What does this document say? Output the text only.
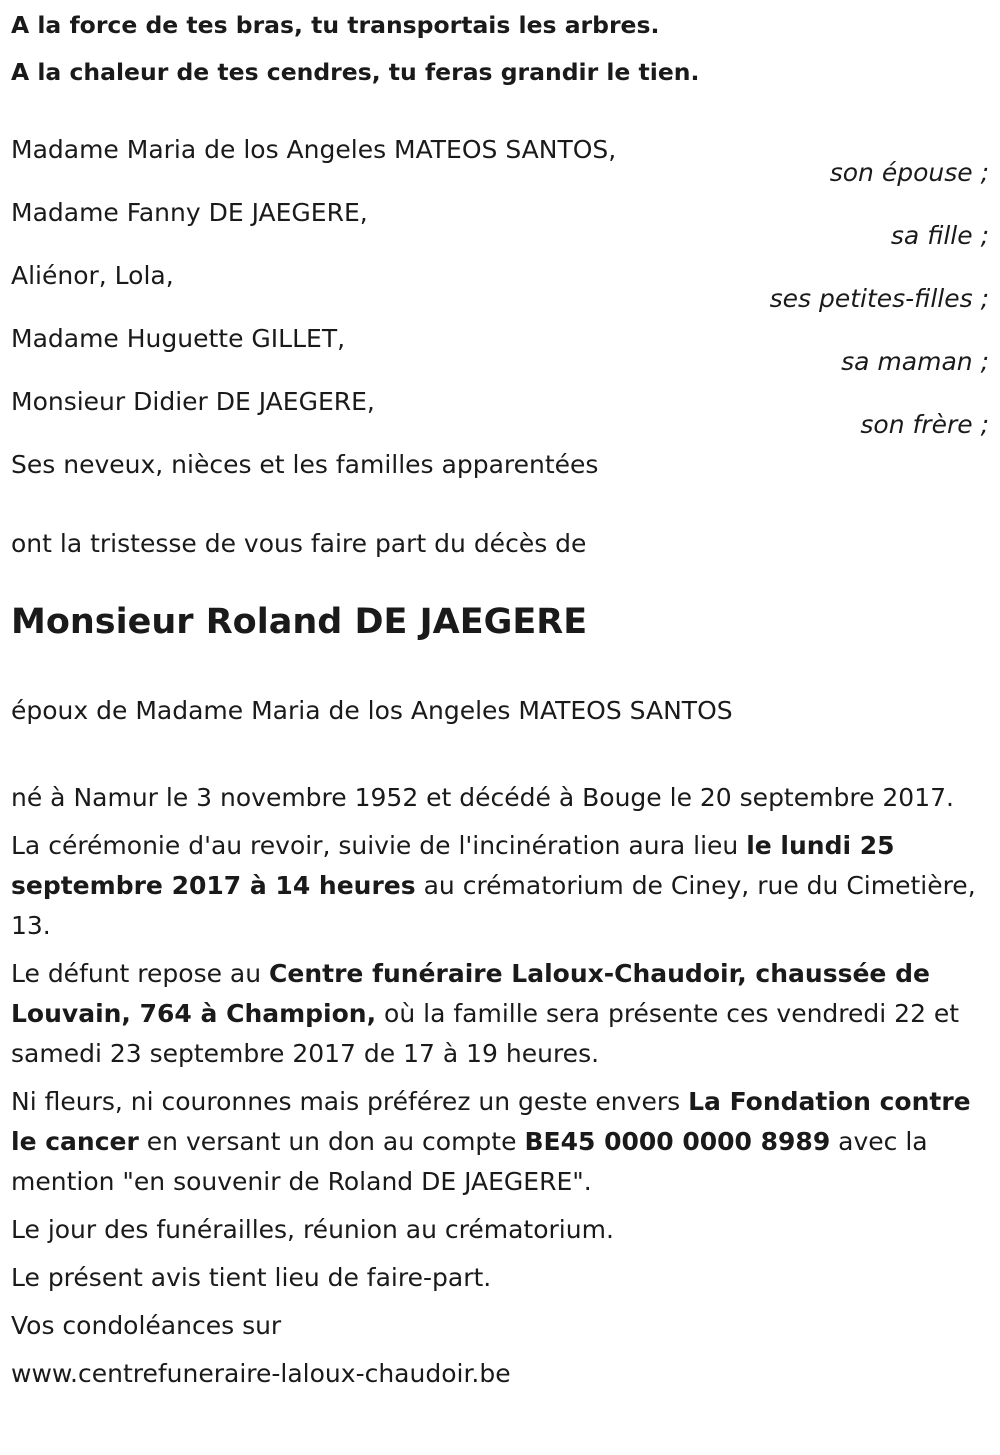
A la force de tes bras, tu transportais les arbres.

A la chaleur de tes cendres, tu feras grandir le tien.

Madame Maria de los Angeles MATEOS SANTOS,
son épouse ;
Madame Fanny DE JAEGERE,
sa fille ;
Aliénor, Lola,
ses petites-filles ;
Madame Huguette GILLET,
sa maman ;
Monsieur Didier DE JAEGERE,
son frère ;
Ses neveux, nièces et les familles apparentées

ont la tristesse de vous faire part du décès de

Monsieur Roland DE JAEGERE

époux de Madame Maria de los Angeles MATEOS SANTOS

né à Namur le 3 novembre 1952 et décédé à Bouge le 20 septembre 2017.

La cérémonie d'au revoir, suivie de l'incinération aura lieu le lundi 25 septembre 2017 à 14 heures au crématorium de Ciney, rue du Cimetière, 13.

Le défunt repose au Centre funéraire Laloux-Chaudoir, chaussée de Louvain, 764 à Champion, où la famille sera présente ces vendredi 22 et samedi 23 septembre 2017 de 17 à 19 heures.

Ni fleurs, ni couronnes mais préférez un geste envers La Fondation contre le cancer en versant un don au compte BE45 0000 0000 8989 avec la mention "en souvenir de Roland DE JAEGERE".

Le jour des funérailles, réunion au crématorium.

Le présent avis tient lieu de faire-part.

Vos condoléances sur

www.centrefuneraire-laloux-chaudoir.be
